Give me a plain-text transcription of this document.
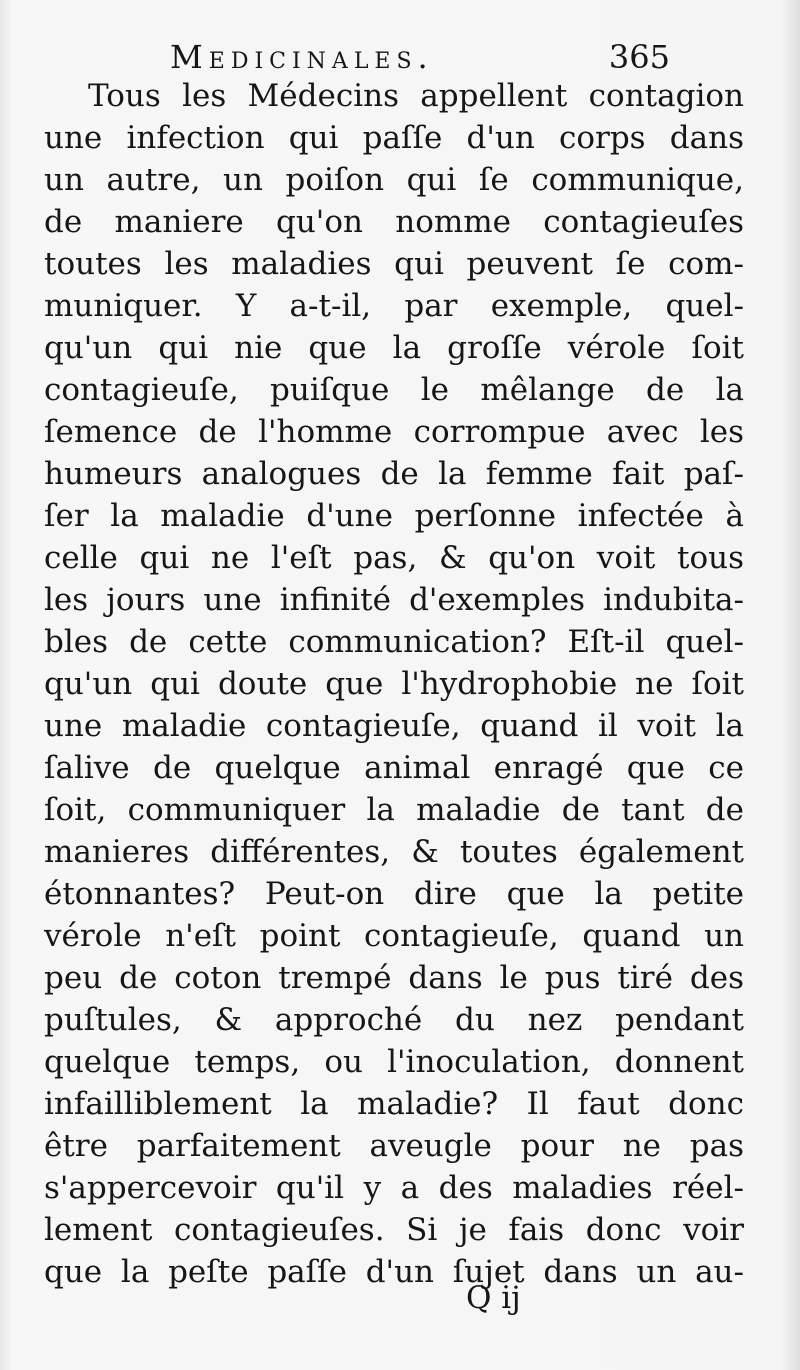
Medicinales.	365
Tous les Médecins appellent contagion
une infection qui paſſe d'un corps dans
un autre, un poiſon qui ſe communique,
de maniere qu'on nomme contagieuſes
toutes les maladies qui peuvent ſe com-
muniquer. Y a-t-il, par exemple, quel-
qu'un qui nie que la groſſe vérole ſoit
contagieuſe, puiſque le mêlange de la
ſemence de l'homme corrompue avec les
humeurs analogues de la femme fait paſ-
ſer la maladie d'une perſonne infectée à
celle qui ne l'eſt pas, & qu'on voit tous
les jours une infinité d'exemples indubita-
bles de cette communication? Eſt-il quel-
qu'un qui doute que l'hydrophobie ne ſoit
une maladie contagieuſe, quand il voit la
ſalive de quelque animal enragé que ce
ſoit, communiquer la maladie de tant de
manieres différentes, & toutes également
étonnantes? Peut-on dire que la petite
vérole n'eſt point contagieuſe, quand un
peu de coton trempé dans le pus tiré des
puſtules, & approché du nez pendant
quelque temps, ou l'inoculation, donnent
infailliblement la maladie? Il faut donc
être parfaitement aveugle pour ne pas
s'appercevoir qu'il y a des maladies réel-
lement contagieuſes. Si je fais donc voir
que la peſte paſſe d'un ſujet dans un au-
Q ij
